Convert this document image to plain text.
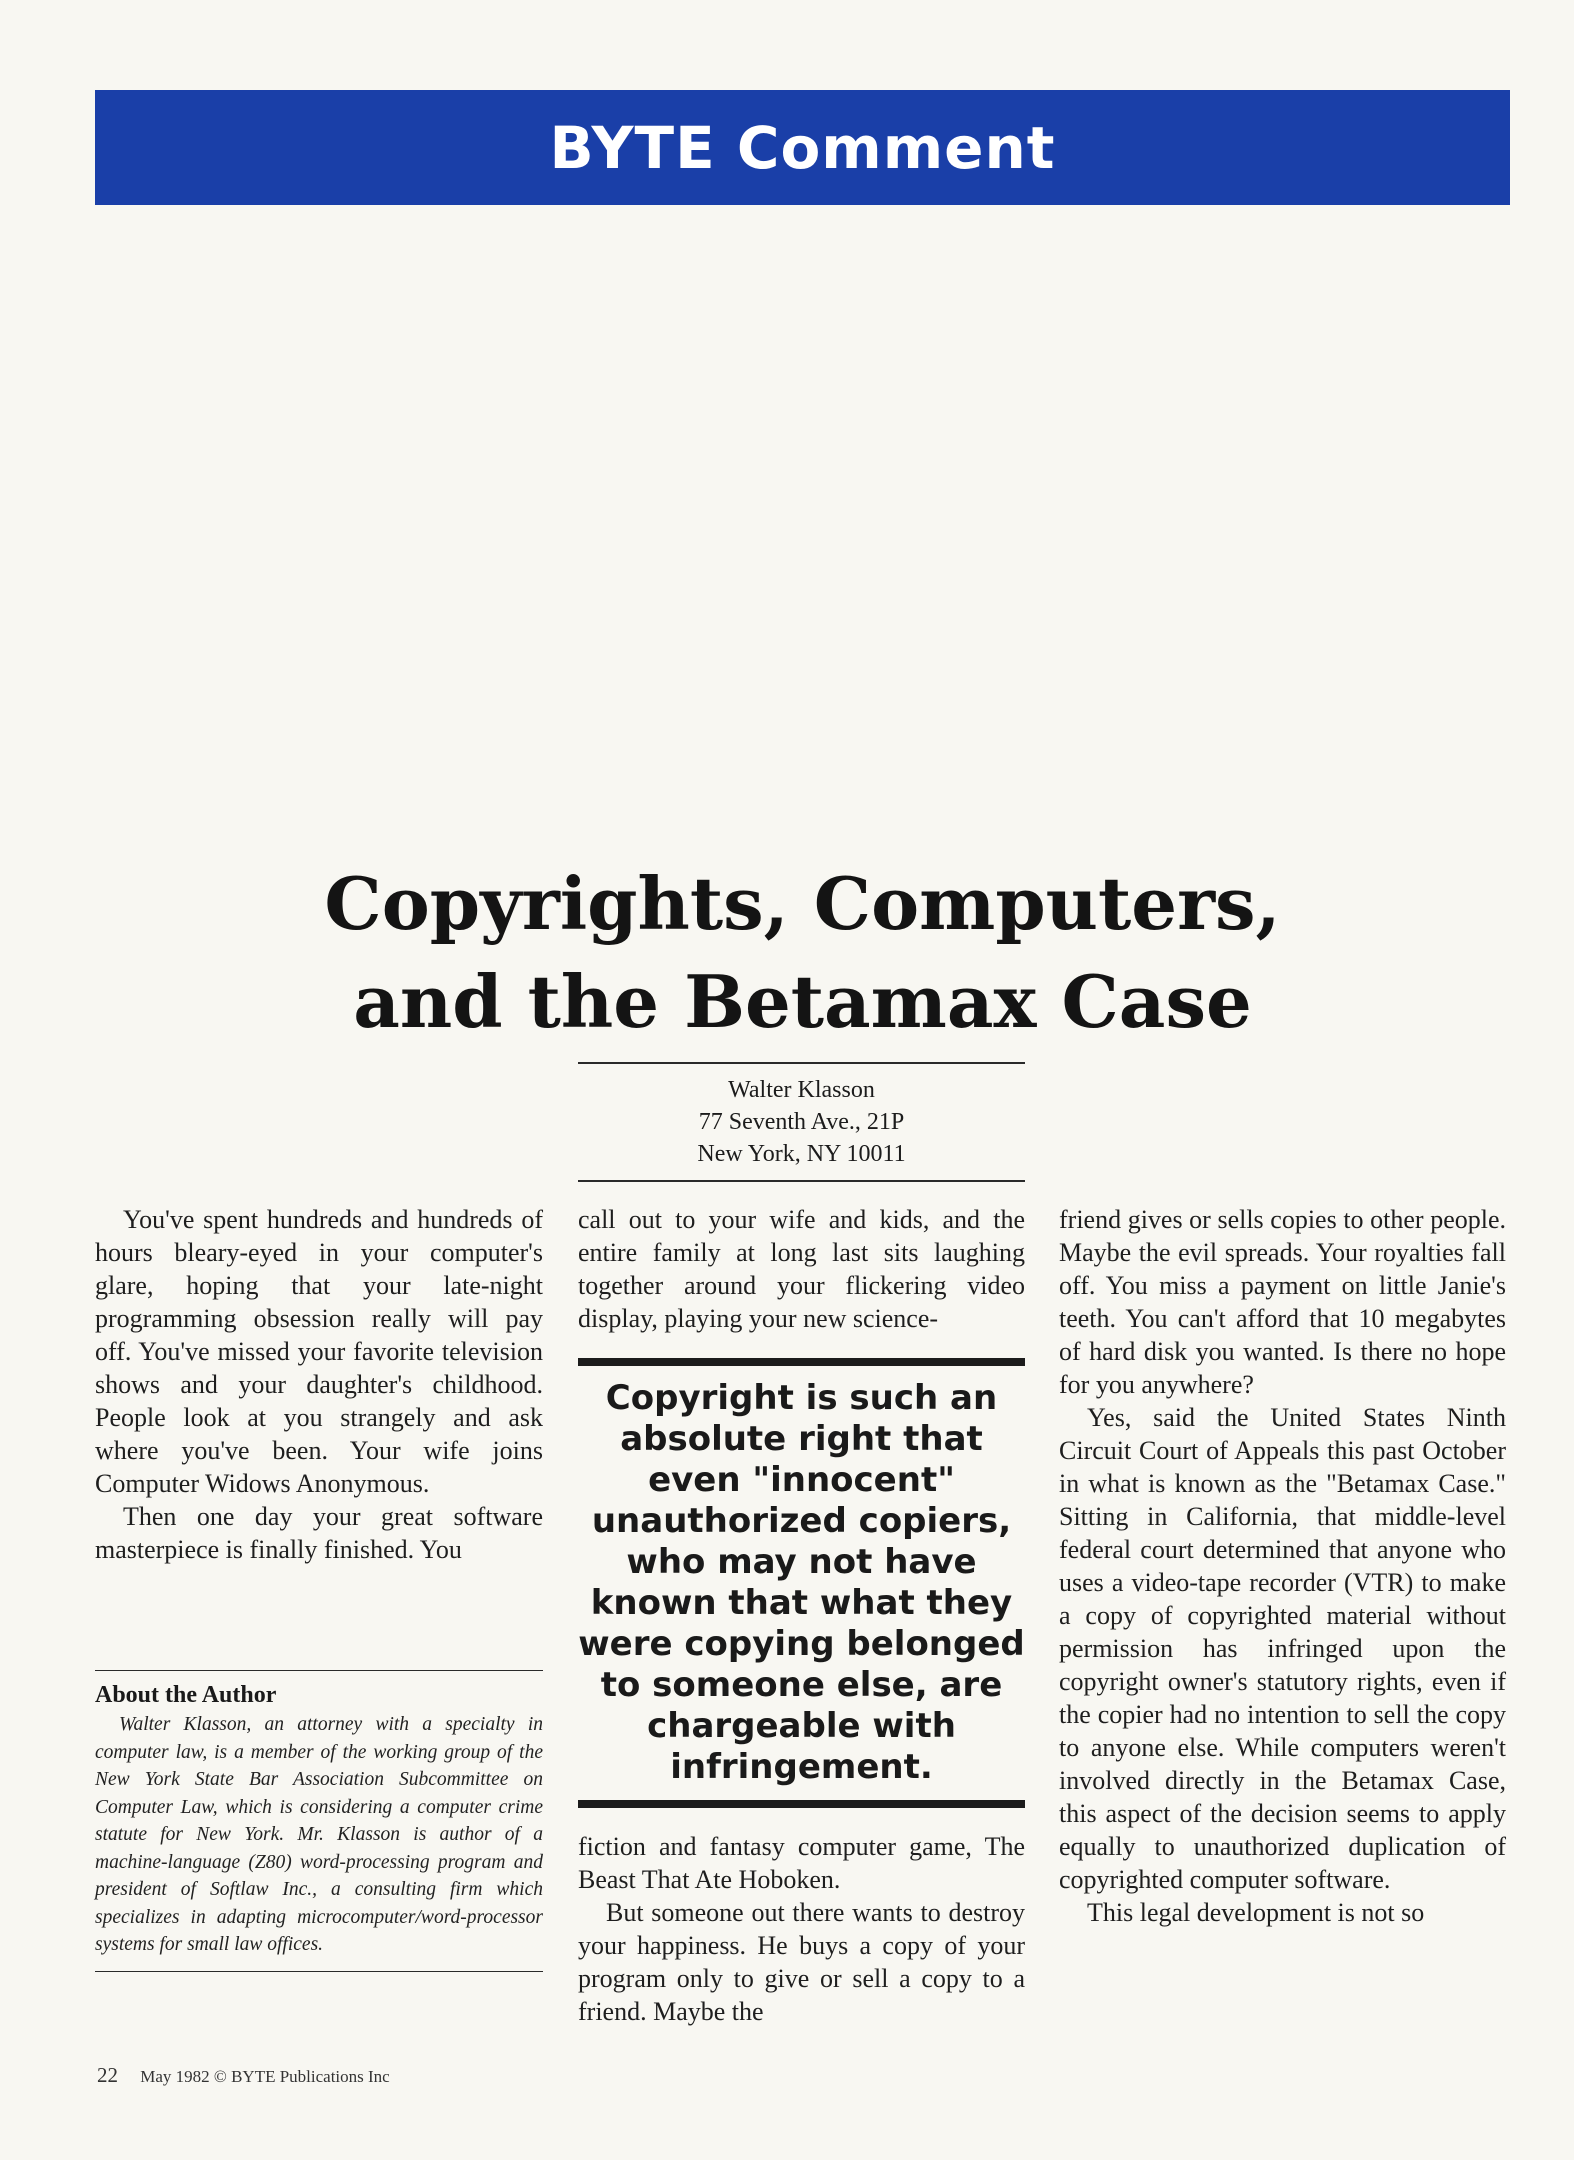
BYTE Comment
Copyrights, Computers,
and the Betamax Case
Walter Klasson
77 Seventh Ave., 21P
New York, NY 10011

You've spent hundreds and hundreds of hours bleary-eyed in your computer's glare, hoping that your late-night programming obsession really will pay off. You've missed your favorite television shows and your daughter's childhood. People look at you strangely and ask where you've been. Your wife joins Computer Widows Anonymous.

Then one day your great software masterpiece is finally finished. You

About the Author
Walter Klasson, an attorney with a specialty in computer law, is a member of the working group of the New York State Bar Association Subcommittee on Computer Law, which is considering a computer crime statute for New York. Mr. Klasson is author of a machine-language (Z80) word-processing program and president of Softlaw Inc., a consulting firm which specializes in adapting microcomputer/word-processor systems for small law offices.

call out to your wife and kids, and the entire family at long last sits laughing together around your flickering video display, playing your new science-

Copyright is such an
absolute right that
even "innocent"
unauthorized copiers,
who may not have
known that what they
were copying belonged
to someone else, are
chargeable with
infringement.

fiction and fantasy computer game, The Beast That Ate Hoboken.

But someone out there wants to destroy your happiness. He buys a copy of your program only to give or sell a copy to a friend. Maybe the

friend gives or sells copies to other people. Maybe the evil spreads. Your royalties fall off. You miss a payment on little Janie's teeth. You can't afford that 10 megabytes of hard disk you wanted. Is there no hope for you anywhere?

Yes, said the United States Ninth Circuit Court of Appeals this past October in what is known as the "Betamax Case." Sitting in California, that middle-level federal court determined that anyone who uses a video-tape recorder (VTR) to make a copy of copyrighted material without permission has infringed upon the copyright owner's statutory rights, even if the copier had no intention to sell the copy to anyone else. While computers weren't involved directly in the Betamax Case, this aspect of the decision seems to apply equally to unauthorized duplication of copyrighted computer software.

This legal development is not so

22 May 1982 © BYTE Publications Inc
